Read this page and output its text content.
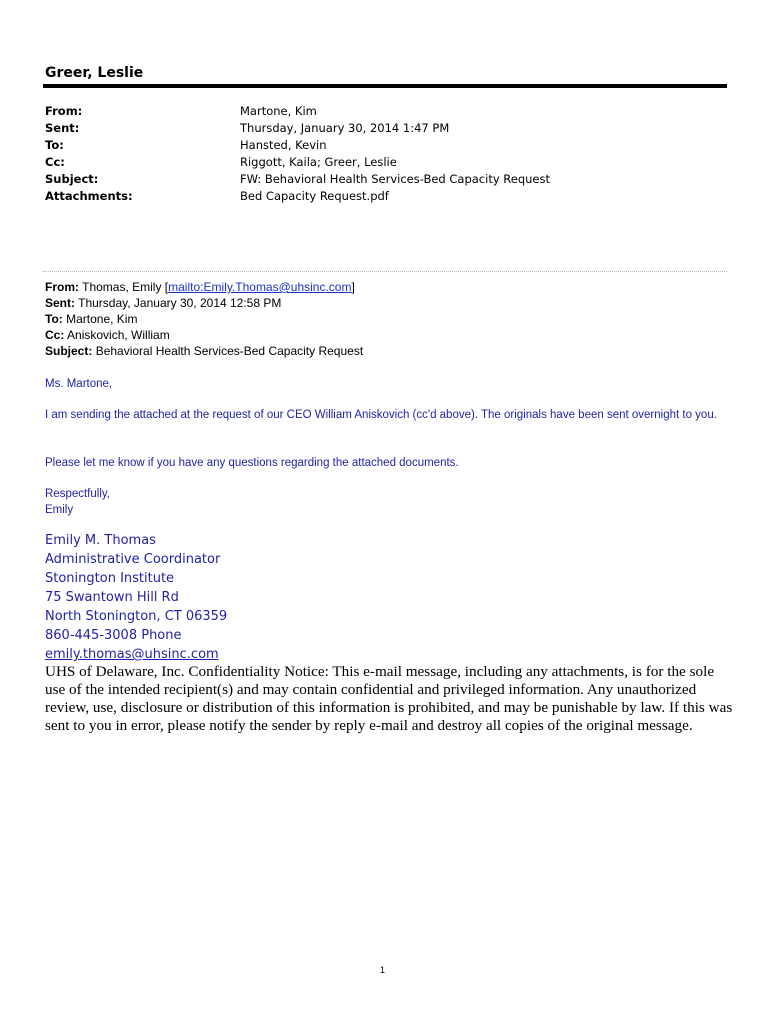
Greer, Leslie
From:	Martone, Kim
Sent:	Thursday, January 30, 2014 1:47 PM
To:	Hansted, Kevin
Cc:	Riggott, Kaila; Greer, Leslie
Subject:	FW: Behavioral Health Services-Bed Capacity Request
Attachments:	Bed Capacity Request.pdf
From: Thomas, Emily [mailto:Emily.Thomas@uhsinc.com]
Sent: Thursday, January 30, 2014 12:58 PM
To: Martone, Kim
Cc: Aniskovich, William
Subject: Behavioral Health Services-Bed Capacity Request
Ms. Martone,
I am sending the attached at the request of our CEO William Aniskovich (cc'd above). The originals have been sent overnight to you.
Please let me know if you have any questions regarding the attached documents.
Respectfully,
Emily
Emily M. Thomas
Administrative Coordinator
Stonington Institute
75 Swantown Hill Rd
North Stonington, CT 06359
860-445-3008 Phone
emily.thomas@uhsinc.com
UHS of Delaware, Inc. Confidentiality Notice: This e-mail message, including any attachments, is for the sole use of the intended recipient(s) and may contain confidential and privileged information. Any unauthorized review, use, disclosure or distribution of this information is prohibited, and may be punishable by law. If this was sent to you in error, please notify the sender by reply e-mail and destroy all copies of the original message.
1
